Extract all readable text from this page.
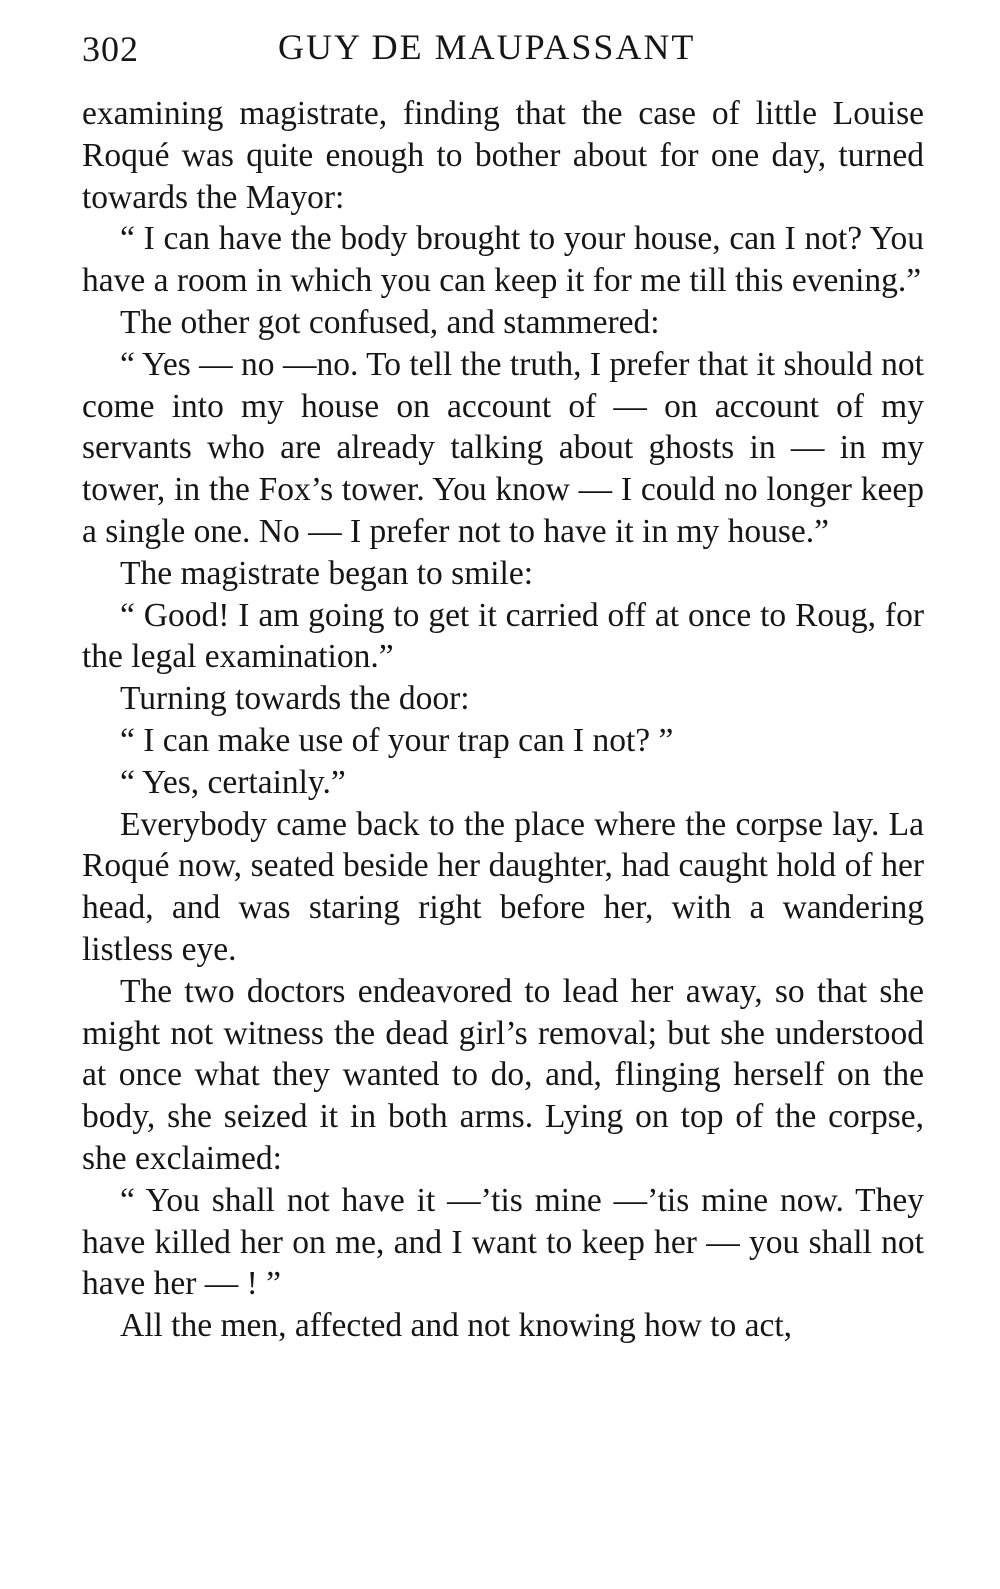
302	GUY DE MAUPASSANT

examining magistrate, finding that the case of little Louise Roqué was quite enough to bother about for one day, turned towards the Mayor:

“ I can have the body brought to your house, can I not? You have a room in which you can keep it for me till this evening.”

The other got confused, and stammered:

“ Yes — no —no. To tell the truth, I prefer that it should not come into my house on account of — on account of my servants who are already talking about ghosts in — in my tower, in the Fox’s tower. You know — I could no longer keep a single one. No — I prefer not to have it in my house.”

The magistrate began to smile:

“ Good! I am going to get it carried off at once to Roug, for the legal examination.”

Turning towards the door:

“ I can make use of your trap can I not? ”

“ Yes, certainly.”

Everybody came back to the place where the corpse lay. La Roqué now, seated beside her daughter, had caught hold of her head, and was staring right before her, with a wandering listless eye.

The two doctors endeavored to lead her away, so that she might not witness the dead girl’s removal; but she understood at once what they wanted to do, and, flinging herself on the body, she seized it in both arms. Lying on top of the corpse, she exclaimed:

“ You shall not have it —’tis mine —’tis mine now. They have killed her on me, and I want to keep her — you shall not have her — ! ”

All the men, affected and not knowing how to act,
